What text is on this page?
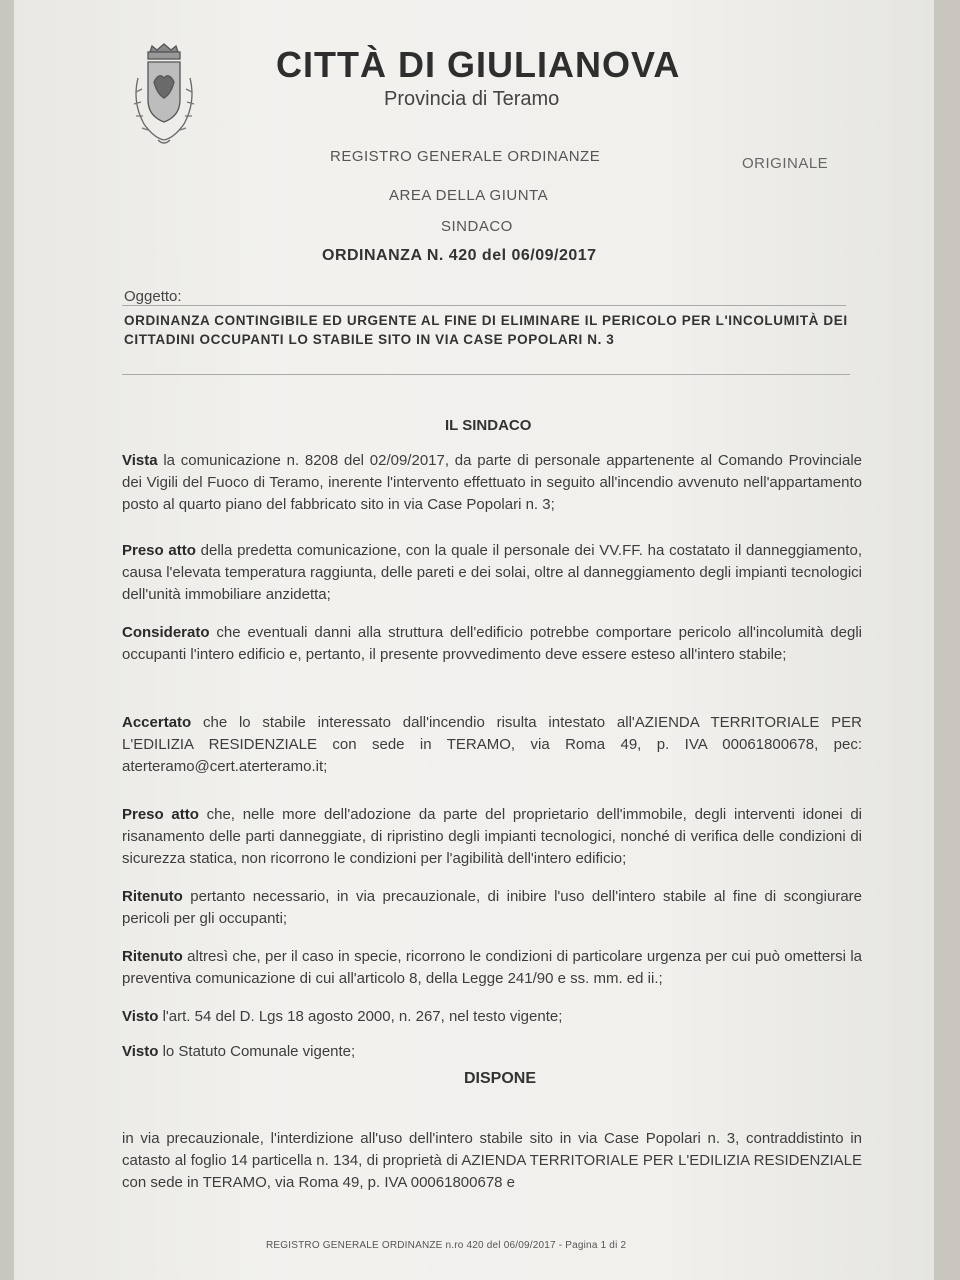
CITTÀ DI GIULIANOVA
Provincia di Teramo
REGISTRO GENERALE ORDINANZE	ORIGINALE
AREA DELLA GIUNTA
SINDACO
ORDINANZA N. 420 del 06/09/2017
Oggetto:

ORDINANZA CONTINGIBILE ED URGENTE AL FINE DI ELIMINARE IL PERICOLO PER L'INCOLUMITÀ DEI CITTADINI OCCUPANTI LO STABILE SITO IN VIA CASE POPOLARI N. 3

IL SINDACO

Vista la comunicazione n. 8208 del 02/09/2017, da parte di personale appartenente al Comando Provinciale dei Vigili del Fuoco di Teramo, inerente l'intervento effettuato in seguito all'incendio avvenuto nell'appartamento posto al quarto piano del fabbricato sito in via Case Popolari n. 3;

Preso atto della predetta comunicazione, con la quale il personale dei VV.FF. ha costatato il danneggiamento, causa l'elevata temperatura raggiunta, delle pareti e dei solai, oltre al danneggiamento degli impianti tecnologici dell'unità immobiliare anzidetta;

Considerato che eventuali danni alla struttura dell'edificio potrebbe comportare pericolo all'incolumità degli occupanti l'intero edificio e, pertanto, il presente provvedimento deve essere esteso all'intero stabile;

Accertato che lo stabile interessato dall'incendio risulta intestato all'AZIENDA TERRITORIALE PER L'EDILIZIA RESIDENZIALE con sede in TERAMO, via Roma 49, p. IVA 00061800678, pec: aterteramo@cert.aterteramo.it;

Preso atto che, nelle more dell'adozione da parte del proprietario dell'immobile, degli interventi idonei di risanamento delle parti danneggiate, di ripristino degli impianti tecnologici, nonché di verifica delle condizioni di sicurezza statica, non ricorrono le condizioni per l'agibilità dell'intero edificio;

Ritenuto pertanto necessario, in via precauzionale, di inibire l'uso dell'intero stabile al fine di scongiurare pericoli per gli occupanti;

Ritenuto altresì che, per il caso in specie, ricorrono le condizioni di particolare urgenza per cui può omettersi la preventiva comunicazione di cui all'articolo 8, della Legge 241/90 e ss. mm. ed ii.;

Visto l'art. 54 del D. Lgs 18 agosto 2000, n. 267, nel testo vigente;

Visto lo Statuto Comunale vigente;

DISPONE

in via precauzionale, l'interdizione all'uso dell'intero stabile sito in via Case Popolari n. 3, contraddistinto in catasto al foglio 14 particella n. 134, di proprietà di AZIENDA TERRITORIALE PER L'EDILIZIA RESIDENZIALE con sede in TERAMO, via Roma 49, p. IVA 00061800678 e

REGISTRO GENERALE ORDINANZE n.ro 420 del 06/09/2017 - Pagina 1 di 2
